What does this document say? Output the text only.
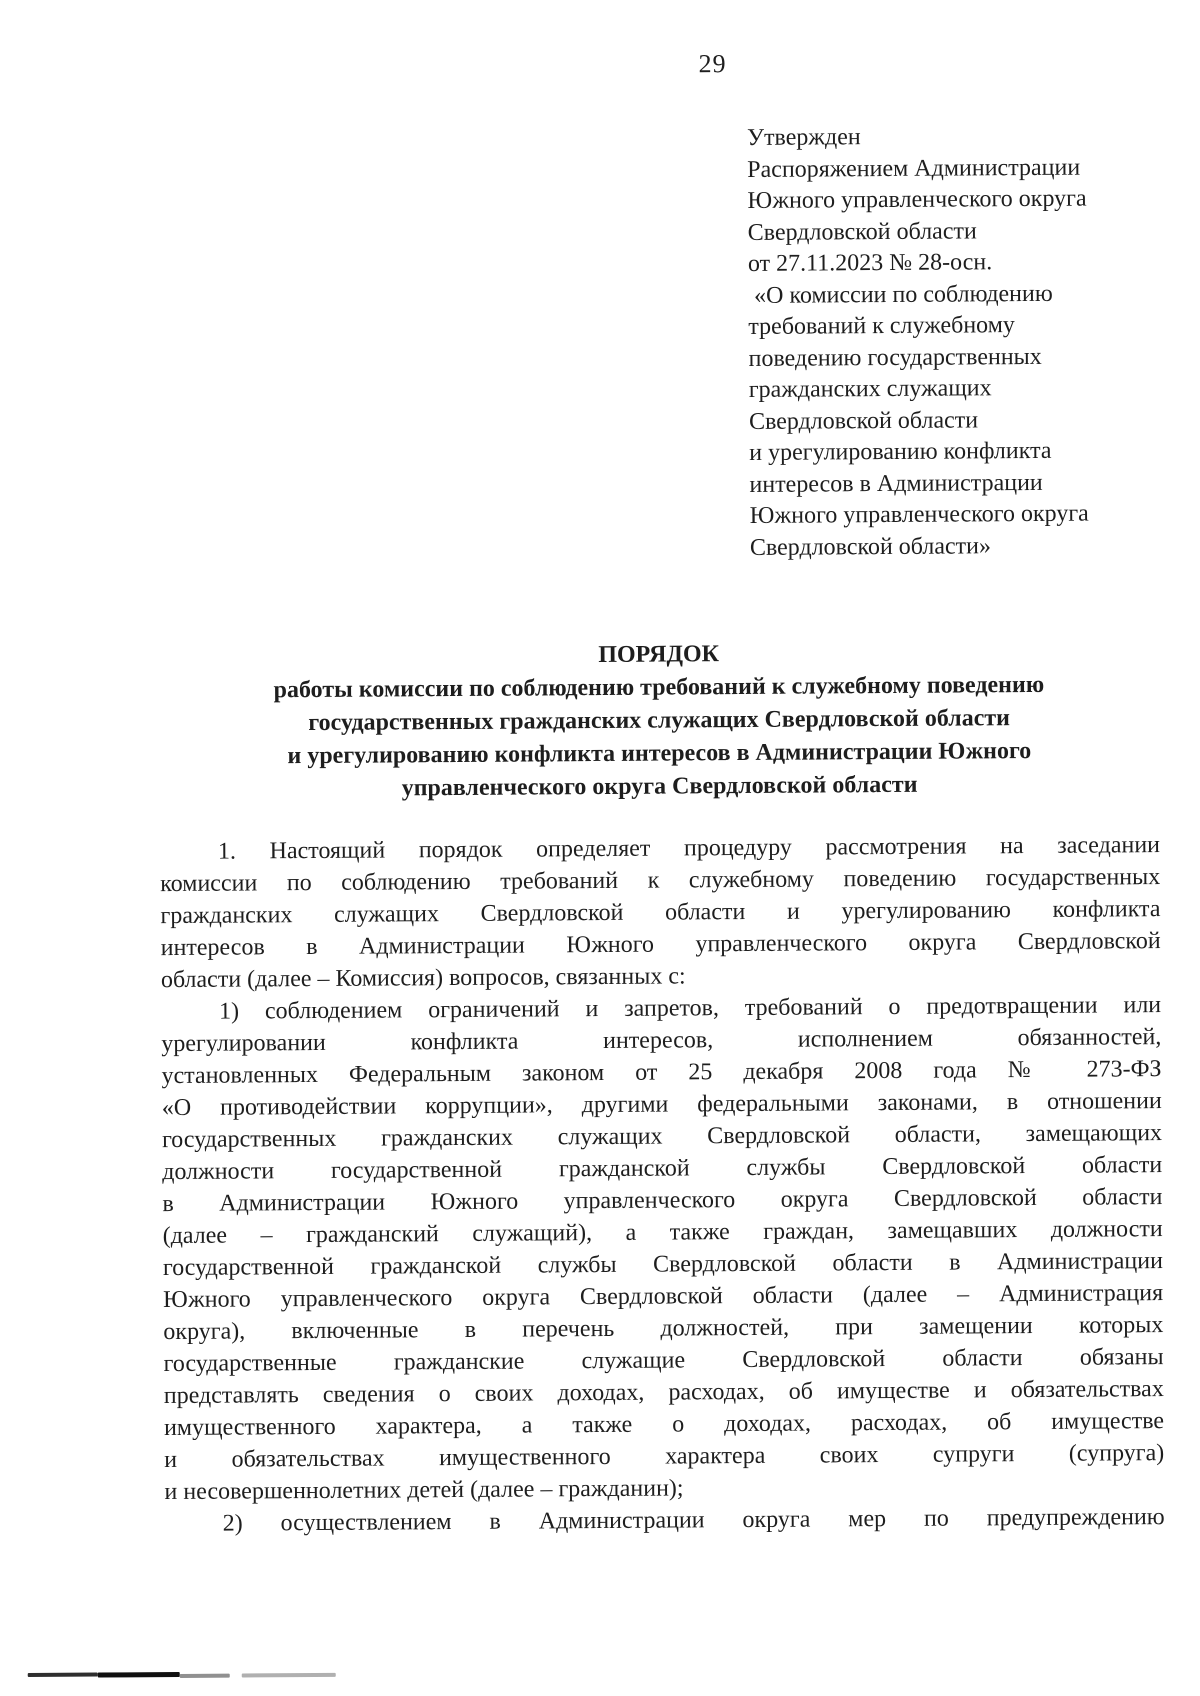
29
Утвержден
Распоряжением Администрации
Южного управленческого округа
Свердловской области
от 27.11.2023 № 28-осн.
«О комиссии по соблюдению
требований к служебному
поведению государственных
гражданских служащих
Свердловской области
и урегулированию конфликта
интересов в Администрации
Южного управленческого округа
Свердловской области»
ПОРЯДОК
работы комиссии по соблюдению требований к служебному поведению
государственных гражданских служащих Свердловской области
и урегулированию конфликта интересов в Администрации Южного
управленческого округа Свердловской области
1. Настоящий порядок определяет процедуру рассмотрения на заседании
комиссии по соблюдению требований к служебному поведению государственных
гражданских служащих Свердловской области и урегулированию конфликта
интересов в Администрации Южного управленческого округа Свердловской
области (далее – Комиссия) вопросов, связанных с:
1) соблюдением ограничений и запретов, требований о предотвращении или
урегулировании конфликта интересов, исполнением обязанностей,
установленных Федеральным законом от 25 декабря 2008 года № 273-ФЗ
«О противодействии коррупции», другими федеральными законами, в отношении
государственных гражданских служащих Свердловской области, замещающих
должности государственной гражданской службы Свердловской области
в Администрации Южного управленческого округа Свердловской области
(далее – гражданский служащий), а также граждан, замещавших должности
государственной гражданской службы Свердловской области в Администрации
Южного управленческого округа Свердловской области (далее – Администрация
округа), включенные в перечень должностей, при замещении которых
государственные гражданские служащие Свердловской области обязаны
представлять сведения о своих доходах, расходах, об имуществе и обязательствах
имущественного характера, а также о доходах, расходах, об имуществе
и обязательствах имущественного характера своих супруги (супруга)
и несовершеннолетних детей (далее – гражданин);
2) осуществлением в Администрации округа мер по предупреждению
